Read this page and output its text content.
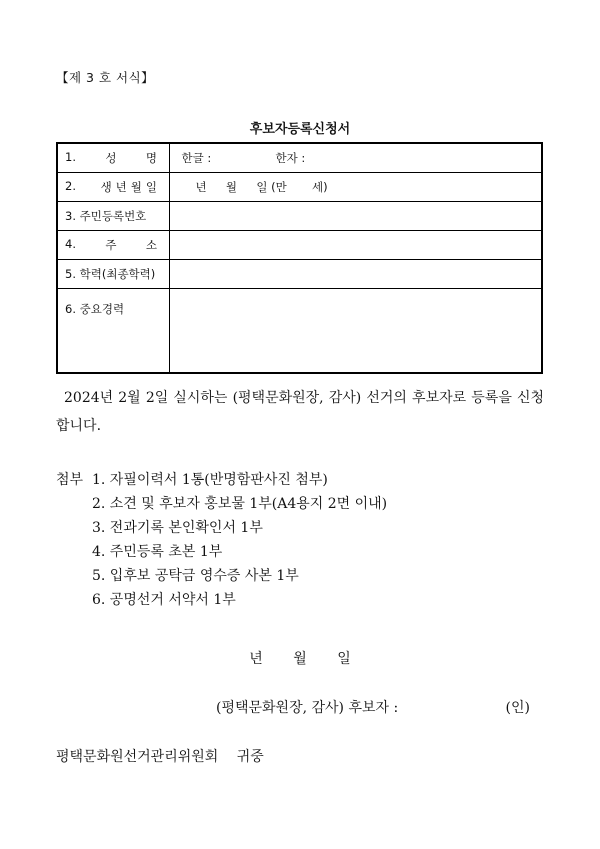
【제 3 호 서식】
후보자등록신청서
1. 성 명	한글 : 한자 :

2. 생년월일	년 월 일 (만 세)
3. 주민등록번호	

4. 주 소	

5. 학력(최종학력)	
6. 중요경력	
2024년 2월 2일 실시하는 (평택문화원장, 감사) 선거의 후보자로 등록을 신청합니다.
첨부 1. 자필이력서 1통(반명함판사진 첨부)
2. 소견 및 후보자 홍보물 1부(A4용지 2면 이내)
3. 전과기록 본인확인서 1부
4. 주민등록 초본 1부
5. 입후보 공탁금 영수증 사본 1부
6. 공명선거 서약서 1부
년 월 일
(평택문화원장, 감사) 후보자 :	(인)
평택문화원선거관리위원회 귀중
